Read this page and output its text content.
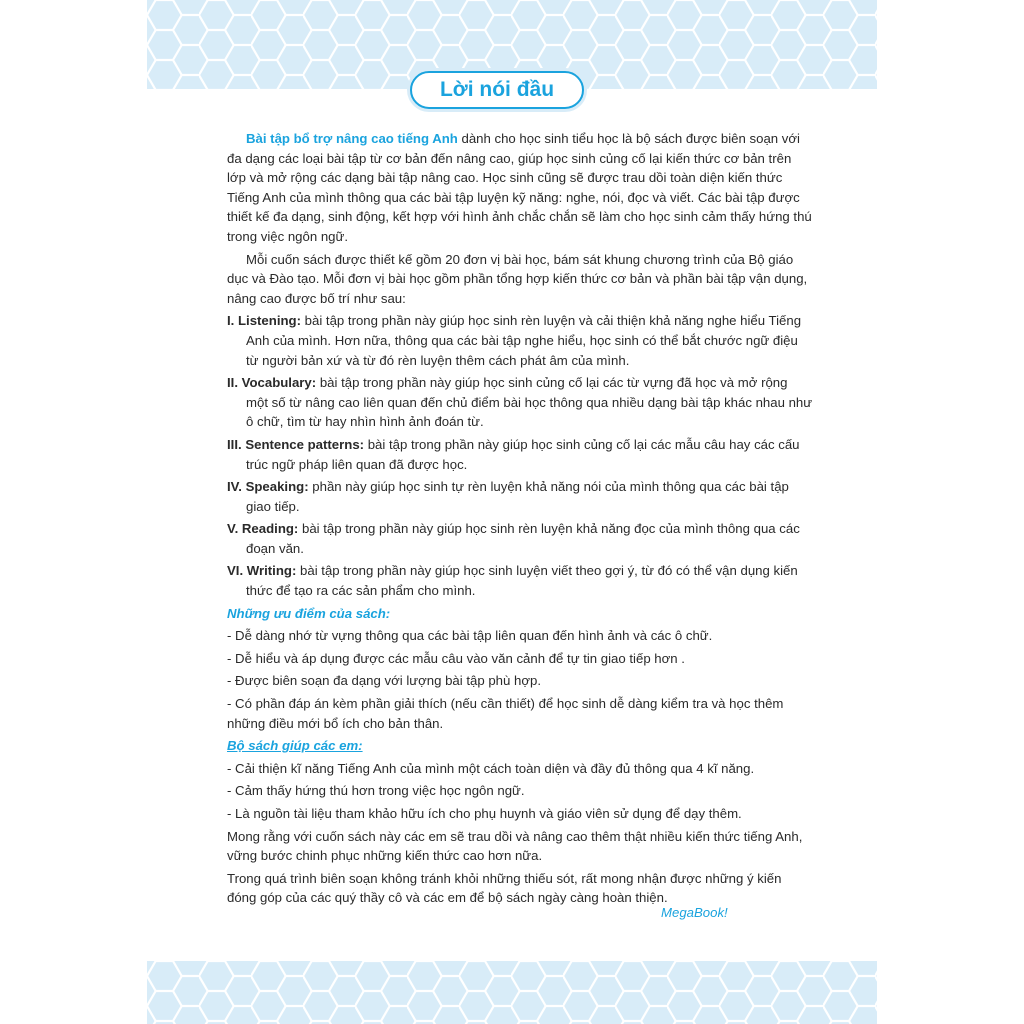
Lời nói đầu

Bài tập bổ trợ nâng cao tiếng Anh dành cho học sinh tiểu học là bộ sách được biên soạn với đa dạng các loại bài tập từ cơ bản đến nâng cao, giúp học sinh củng cố lại kiến thức cơ bản trên lớp và mở rộng các dạng bài tập nâng cao. Học sinh cũng sẽ được trau dồi toàn diện kiến thức Tiếng Anh của mình thông qua các bài tập luyện kỹ năng: nghe, nói, đọc và viết. Các bài tập được thiết kế đa dạng, sinh động, kết hợp với hình ảnh chắc chắn sẽ làm cho học sinh cảm thấy hứng thú trong việc ngôn ngữ.

Mỗi cuốn sách được thiết kế gồm 20 đơn vị bài học, bám sát khung chương trình của Bộ giáo dục và Đào tạo. Mỗi đơn vị bài học gồm phần tổng hợp kiến thức cơ bản và phần bài tập vận dụng, nâng cao được bố trí như sau:

I. Listening: bài tập trong phần này giúp học sinh rèn luyện và cải thiện khả năng nghe hiểu Tiếng Anh của mình. Hơn nữa, thông qua các bài tập nghe hiểu, học sinh có thể bắt chước ngữ điệu từ người bản xứ và từ đó rèn luyện thêm cách phát âm của mình.

II. Vocabulary: bài tập trong phần này giúp học sinh củng cố lại các từ vựng đã học và mở rộng một số từ nâng cao liên quan đến chủ điểm bài học thông qua nhiều dạng bài tập khác nhau như ô chữ, tìm từ hay nhìn hình ảnh đoán từ.

III. Sentence patterns: bài tập trong phần này giúp học sinh củng cố lại các mẫu câu hay các cấu trúc ngữ pháp liên quan đã được học.

IV. Speaking: phần này giúp học sinh tự rèn luyện khả năng nói của mình thông qua các bài tập giao tiếp.

V. Reading: bài tập trong phần này giúp học sinh rèn luyện khả năng đọc của mình thông qua các đoạn văn.

VI. Writing: bài tập trong phần này giúp học sinh luyện viết theo gợi ý, từ đó có thể vận dụng kiến thức để tạo ra các sản phẩm cho mình.

Những ưu điểm của sách:

- Dễ dàng nhớ từ vựng thông qua các bài tập liên quan đến hình ảnh và các ô chữ.

- Dễ hiểu và áp dụng được các mẫu câu vào văn cảnh để tự tin giao tiếp hơn .

- Được biên soạn đa dạng với lượng bài tập phù hợp.

- Có phần đáp án kèm phần giải thích (nếu cần thiết) để học sinh dễ dàng kiểm tra và học thêm những điều mới bổ ích cho bản thân.

Bộ sách giúp các em:

- Cải thiện kĩ năng Tiếng Anh của mình một cách toàn diện và đầy đủ thông qua 4 kĩ năng.

- Cảm thấy hứng thú hơn trong việc học ngôn ngữ.

- Là nguồn tài liệu tham khảo hữu ích cho phụ huynh và giáo viên sử dụng để dạy thêm.

Mong rằng với cuốn sách này các em sẽ trau dồi và nâng cao thêm thật nhiều kiến thức tiếng Anh, vững bước chinh phục những kiến thức cao hơn nữa.

Trong quá trình biên soạn không tránh khỏi những thiếu sót, rất mong nhận được những ý kiến đóng góp của các quý thầy cô và các em để bộ sách ngày càng hoàn thiện.

MegaBook!
